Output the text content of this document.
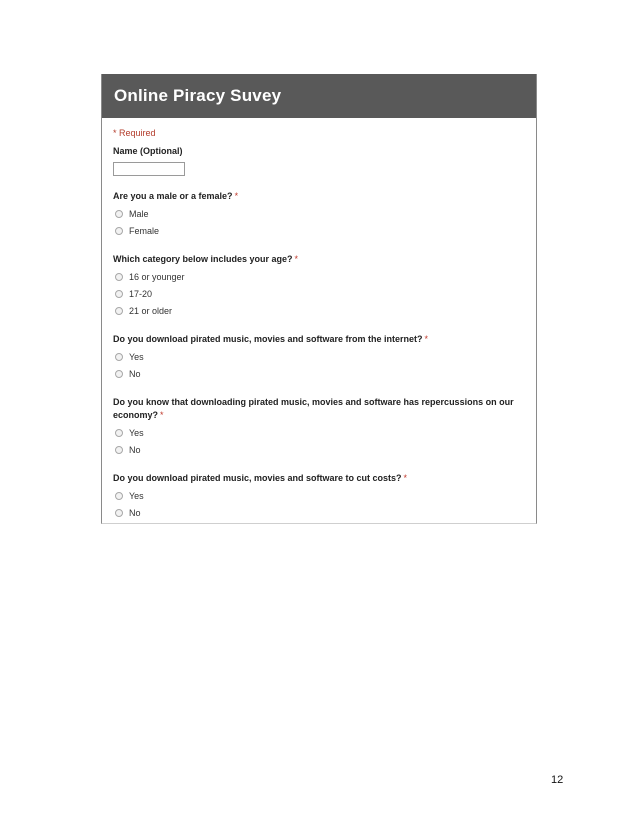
Online Piracy Suvey
* Required
Name (Optional)
Are you a male or a female? *
Male
Female
Which category below includes your age? *
16 or younger
17-20
21 or older
Do you download pirated music, movies and software from the internet? *
Yes
No
Do you know that downloading pirated music, movies and software has repercussions on our economy? *
Yes
No
Do you download pirated music, movies and software to cut costs? *
Yes
No
12
